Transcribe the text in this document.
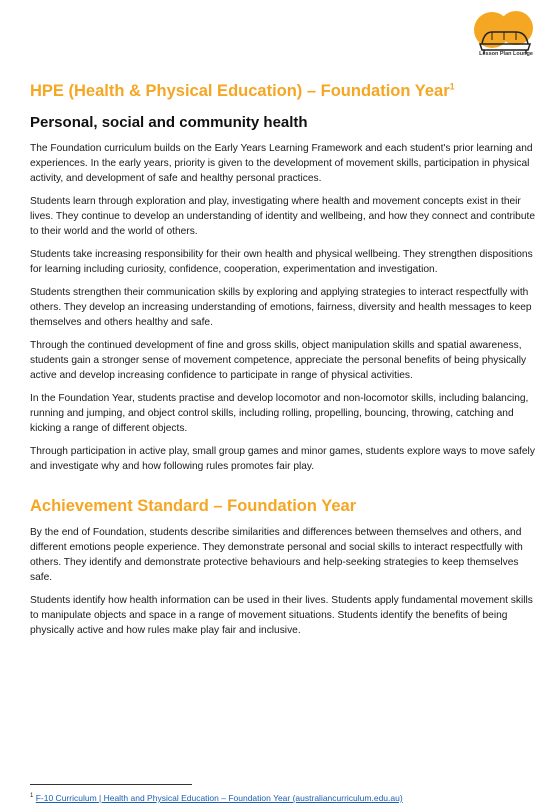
Lesson Plan Lounge
HPE (Health & Physical Education) – Foundation Year$^1$
Personal, social and community health

The Foundation curriculum builds on the Early Years Learning Framework and each student's prior learning and experiences. In the early years, priority is given to the development of movement skills, participation in physical activity, and development of safe and healthy personal practices.

Students learn through exploration and play, investigating where health and movement concepts exist in their lives. They continue to develop an understanding of identity and wellbeing, and how they connect and contribute to their world and the world of others.

Students take increasing responsibility for their own health and physical wellbeing. They strengthen dispositions for learning including curiosity, confidence, cooperation, experimentation and investigation.

Students strengthen their communication skills by exploring and applying strategies to interact respectfully with others. They develop an increasing understanding of emotions, fairness, diversity and health messages to keep themselves and others healthy and safe.

Through the continued development of fine and gross skills, object manipulation skills and spatial awareness, students gain a stronger sense of movement competence, appreciate the personal benefits of being physically active and develop increasing confidence to participate in range of physical activities.

In the Foundation Year, students practise and develop locomotor and non-locomotor skills, including balancing, running and jumping, and object control skills, including rolling, propelling, bouncing, throwing, catching and kicking a range of different objects.

Through participation in active play, small group games and minor games, students explore ways to move safely and investigate why and how following rules promotes fair play.

Achievement Standard – Foundation Year

By the end of Foundation, students describe similarities and differences between themselves and others, and different emotions people experience. They demonstrate personal and social skills to interact respectfully with others. They identify and demonstrate protective behaviours and help-seeking strategies to keep themselves safe.

Students identify how health information can be used in their lives. Students apply fundamental movement skills to manipulate objects and space in a range of movement situations. Students identify the benefits of being physically active and how rules make play fair and inclusive.

$^1$ F-10 Curriculum | Health and Physical Education – Foundation Year (australiancurriculum.edu.au)
